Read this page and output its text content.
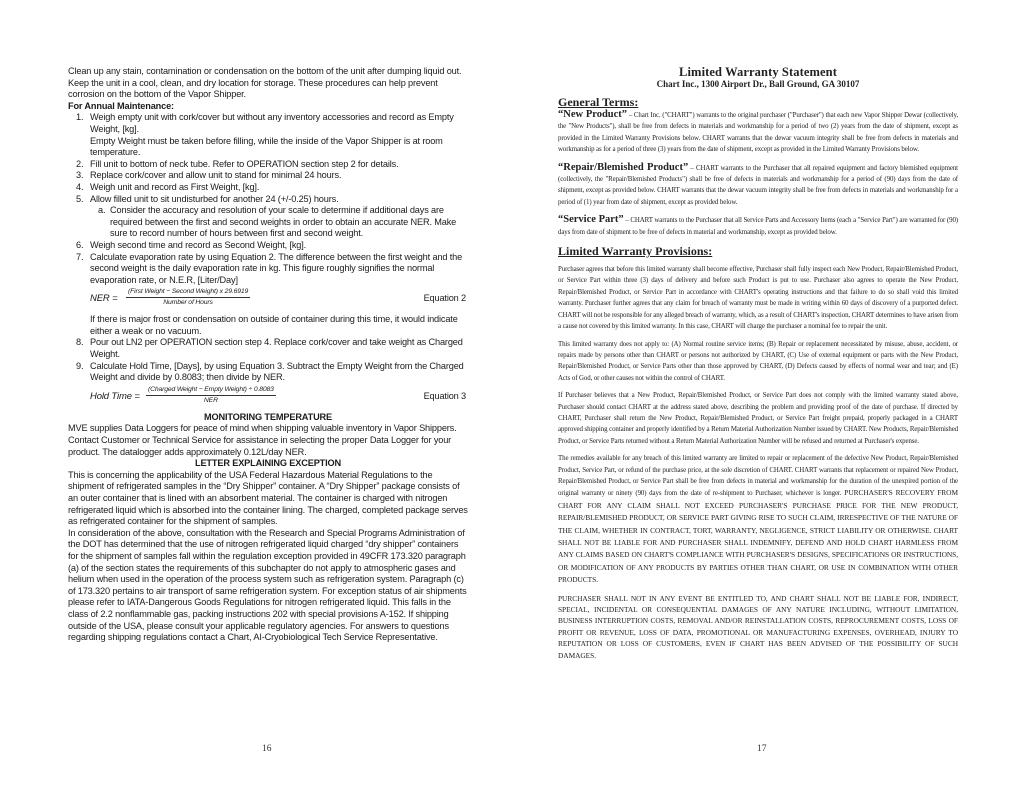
Clean up any stain, contamination or condensation on the bottom of the unit after dumping liquid out. Keep the unit in a cool, clean, and dry location for storage. These procedures can help prevent corrosion on the bottom of the Vapor Shipper.

For Annual Maintenance:

1. Weigh empty unit with cork/cover but without any inventory accessories and record as Empty Weight, [kg].
Empty Weight must be taken before filling, while the inside of the Vapor Shipper is at room temperature.
2. Fill unit to bottom of neck tube. Refer to OPERATION section step 2 for details.
3. Replace cork/cover and allow unit to stand for minimal 24 hours.
4. Weigh unit and record as First Weight, [kg].
5. Allow filled unit to sit undisturbed for another 24 (+/-0.25) hours.
a. Consider the accuracy and resolution of your scale to determine if additional days are required between the first and second weights in order to obtain an accurate NER. Make sure to record number of hours between first and second weight.
6. Weigh second time and record as Second Weight, [kg].
7. Calculate evaporation rate by using Equation 2. The difference between the first weight and the second weight is the daily evaporation rate in kg. This figure roughly signifies the normal evaporation rate, or N.E.R, [Liter/Day]
NER =
(First Weight − Second Weight) x 29.6919
Number of Hours	Equation 2

If there is major frost or condensation on outside of container during this time, it would indicate either a weak or no vacuum.

8. Pour out LN2 per OPERATION section step 4. Replace cork/cover and take weight as Charged Weight.
9. Calculate Hold Time, [Days], by using Equation 3. Subtract the Empty Weight from the Charged Weight and divide by 0.8083; then divide by NER.
Hold Time =
(Charged Weight − Empty Weight) ÷ 0.8083
NER	Equation 3

MONITORING TEMPERATURE

MVE supplies Data Loggers for peace of mind when shipping valuable inventory in Vapor Shippers. Contact Customer or Technical Service for assistance in selecting the proper Data Logger for your product. The datalogger adds approximately 0.12L/day NER.

LETTER EXPLAINING EXCEPTION

This is concerning the applicability of the USA Federal Hazardous Material Regulations to the shipment of refrigerated samples in the “Dry Shipper” container. A “Dry Shipper” package consists of an outer container that is lined with an absorbent material. The container is charged with nitrogen refrigerated liquid which is absorbed into the container lining. The charged, completed package serves as refrigerated container for the shipment of samples.

In consideration of the above, consultation with the Research and Special Programs Administration of the DOT has determined that the use of nitrogen refrigerated liquid charged “dry shipper” containers for the shipment of samples fall within the regulation exception provided in 49CFR 173.320 paragraph (a) of the section states the requirements of this subchapter do not apply to atmospheric gases and helium when used in the operation of the process system such as refrigeration system. Paragraph (c) of 173.320 pertains to air transport of same refrigeration system. For exception status of air shipments please refer to IATA-Dangerous Goods Regulations for nitrogen refrigerated liquid. This falls in the class of 2.2 nonflammable gas, packing instructions 202 with special provisions A-152. If shipping outside of the USA, please consult your applicable regulatory agencies. For answers to questions regarding shipping regulations contact a Chart, AI-Cryobiological Tech Service Representative.

16
Limited Warranty Statement
Chart Inc., 1300 Airport Dr., Ball Ground, GA 30107
General Terms:

“New Product” – Chart Inc. ("CHART") warrants to the original purchaser ("Purchaser") that each new Vapor Shipper Dewar (collectively, the "New Products"), shall be free from defects in materials and workmanship for a period of two (2) years from the date of shipment, except as provided in the Limited Warranty Provisions below. CHART warrants that the dewar vacuum integrity shall be free from defects in materials and workmanship as for a period of three (3) years from the date of shipment, except as provided in the Limited Warranty Provisions below.

“Repair/Blemished Product” – CHART warrants to the Purchaser that all repaired equipment and factory blemished equipment (collectively, the "Repair/Blemished Products") shall be free of defects in materials and workmanship for a period of (90) days from the date of shipment, except as provided below. CHART warrants that the dewar vacuum integrity shall be free from defects in materials and workmanship for a period of (1) year from date of shipment, except as provided below.

“Service Part” – CHART warrants to the Purchaser that all Service Parts and Accessory Items (each a "Service Part") are warranted for (90) days from date of shipment to be free of defects in material and workmanship, except as provided below.

Limited Warranty Provisions:

Purchaser agrees that before this limited warranty shall become effective, Purchaser shall fully inspect each New Product, Repair/Blemished Product, or Service Part within three (3) days of delivery and before such Product is put to use. Purchaser also agrees to operate the New Product, Repair/Blemished Product, or Service Part in accordance with CHART's operating instructions and that failure to do so shall void this limited warranty. Purchaser further agrees that any claim for breach of warranty must be made in writing within 60 days of discovery of a purported defect. CHART will not be responsible for any alleged breach of warranty, which, as a result of CHART's inspection, CHART determines to have arisen from a cause not covered by this limited warranty. In this case, CHART will charge the purchaser a nominal fee to repair the unit.

This limited warranty does not apply to: (A) Normal routine service items; (B) Repair or replacement necessitated by misuse, abuse, accident, or repairs made by persons other than CHART or persons not authorized by CHART, (C) Use of external equipment or parts with the New Product, Repair/Blemished Product, or Service Parts other than those approved by CHART, (D) Defects caused by effects of normal wear and tear; and (E) Acts of God, or other causes not within the control of CHART.

If Purchaser believes that a New Product, Repair/Blemished Product, or Service Part does not comply with the limited warranty stated above, Purchaser should contact CHART at the address stated above, describing the problem and providing proof of the date of purchase. If directed by CHART, Purchaser shall return the New Product, Repair/Blemished Product, or Service Part freight prepaid, properly packaged in a CHART approved shipping container and properly identified by a Return Material Authorization Number issued by CHART. New Products, Repair/Blemished Product, or Service Parts returned without a Return Material Authorization Number will be refused and returned at Purchaser's expense.

The remedies available for any breach of this limited warranty are limited to repair or replacement of the defective New Product, Repair/Blemished Product, Service Part, or refund of the purchase price, at the sole discretion of CHART. CHART warrants that replacement or repaired New Product, Repair/Blemished Product, or Service Part shall be free from defects in material and workmanship for the duration of the unexpired portion of the original warranty or ninety (90) days from the date of re-shipment to Purchaser, whichever is longer. PURCHASER'S RECOVERY FROM CHART FOR ANY CLAIM SHALL NOT EXCEED PURCHASER'S PURCHASE PRICE FOR THE NEW PRODUCT, REPAIR/BLEMISHED PRODUCT, OR SERVICE PART GIVING RISE TO SUCH CLAIM, IRRESPECTIVE OF THE NATURE OF THE CLAIM, WHETHER IN CONTRACT, TORT, WARRANTY, NEGLIGENCE, STRICT LIABILITY OR OTHERWISE. CHART SHALL NOT BE LIABLE FOR AND PURCHASER SHALL INDEMNIFY, DEFEND AND HOLD CHART HARMLESS FROM ANY CLAIMS BASED ON CHART'S COMPLIANCE WITH PURCHASER'S DESIGNS, SPECIFICATIONS OR INSTRUCTIONS, OR MODIFICATION OF ANY PRODUCTS BY PARTIES OTHER THAN CHART, OR USE IN COMBINATION WITH OTHER PRODUCTS.

PURCHASER SHALL NOT IN ANY EVENT BE ENTITLED TO, AND CHART SHALL NOT BE LIABLE FOR, INDIRECT, SPECIAL, INCIDENTAL OR CONSEQUENTIAL DAMAGES OF ANY NATURE INCLUDING, WITHOUT LIMITATION, BUSINESS INTERRUPTION COSTS, REMOVAL AND/OR REINSTALLATION COSTS, REPROCUREMENT COSTS, LOSS OF PROFIT OR REVENUE, LOSS OF DATA, PROMOTIONAL OR MANUFACTURING EXPENSES, OVERHEAD, INJURY TO REPUTATION OR LOSS OF CUSTOMERS, EVEN IF CHART HAS BEEN ADVISED OF THE POSSIBILITY OF SUCH DAMAGES.

17
